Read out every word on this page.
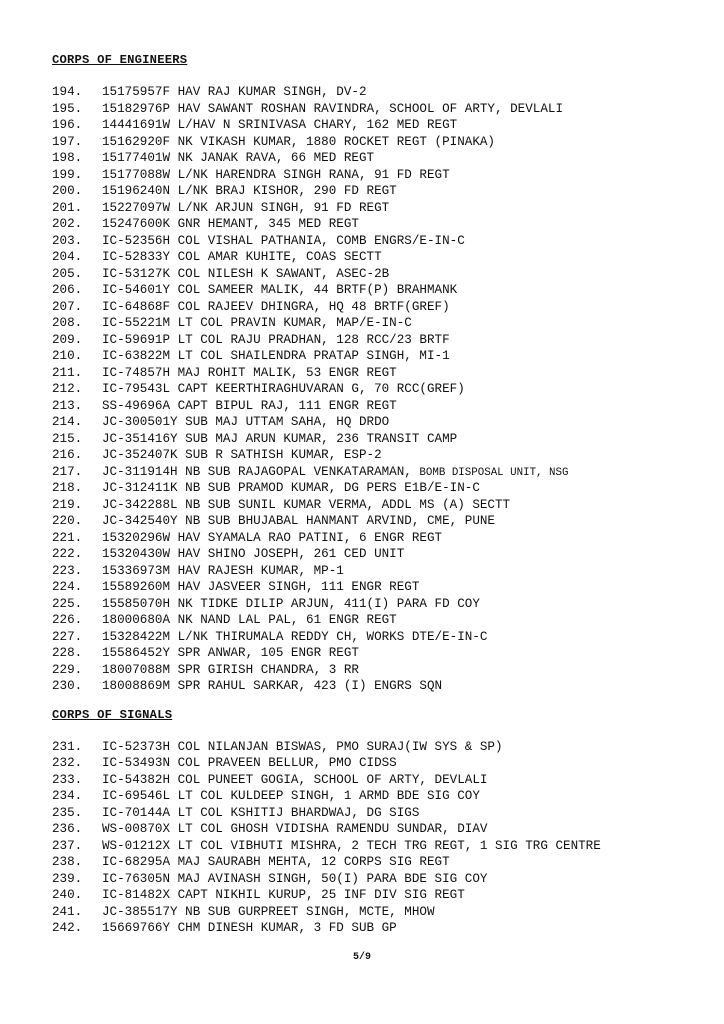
CORPS OF ENGINEERS
194. 15175957F HAV RAJ KUMAR SINGH, DV-2
195. 15182976P HAV SAWANT ROSHAN RAVINDRA, SCHOOL OF ARTY, DEVLALI
196. 14441691W L/HAV N SRINIVASA CHARY, 162 MED REGT
197. 15162920F NK VIKASH KUMAR, 1880 ROCKET REGT (PINAKA)
198. 15177401W NK JANAK RAVA, 66 MED REGT
199. 15177088W L/NK HARENDRA SINGH RANA, 91 FD REGT
200. 15196240N L/NK BRAJ KISHOR, 290 FD REGT
201. 15227097W L/NK ARJUN SINGH, 91 FD REGT
202. 15247600K GNR HEMANT, 345 MED REGT
203. IC-52356H COL VISHAL PATHANIA, COMB ENGRS/E-IN-C
204. IC-52833Y COL AMAR KUHITE, COAS SECTT
205. IC-53127K COL NILESH K SAWANT, ASEC-2B
206. IC-54601Y COL SAMEER MALIK, 44 BRTF(P) BRAHMANK
207. IC-64868F COL RAJEEV DHINGRA, HQ 48 BRTF(GREF)
208. IC-55221M LT COL PRAVIN KUMAR, MAP/E-IN-C
209. IC-59691P LT COL RAJU PRADHAN, 128 RCC/23 BRTF
210. IC-63822M LT COL SHAILENDRA PRATAP SINGH, MI-1
211. IC-74857H MAJ ROHIT MALIK, 53 ENGR REGT
212. IC-79543L CAPT KEERTHIRAGHUVARAN G, 70 RCC(GREF)
213. SS-49696A CAPT BIPUL RAJ, 111 ENGR REGT
214. JC-300501Y SUB MAJ UTTAM SAHA, HQ DRDO
215. JC-351416Y SUB MAJ ARUN KUMAR, 236 TRANSIT CAMP
216. JC-352407K SUB R SATHISH KUMAR, ESP-2
217. JC-311914H NB SUB RAJAGOPAL VENKATARAMAN, BOMB DISPOSAL UNIT, NSG
218. JC-312411K NB SUB PRAMOD KUMAR, DG PERS E1B/E-IN-C
219. JC-342288L NB SUB SUNIL KUMAR VERMA, ADDL MS (A) SECTT
220. JC-342540Y NB SUB BHUJABAL HANMANT ARVIND, CME, PUNE
221. 15320296W HAV SYAMALA RAO PATINI, 6 ENGR REGT
222. 15320430W HAV SHINO JOSEPH, 261 CED UNIT
223. 15336973M HAV RAJESH KUMAR, MP-1
224. 15589260M HAV JASVEER SINGH, 111 ENGR REGT
225. 15585070H NK TIDKE DILIP ARJUN, 411(I) PARA FD COY
226. 18000680A NK NAND LAL PAL, 61 ENGR REGT
227. 15328422M L/NK THIRUMALA REDDY CH, WORKS DTE/E-IN-C
228. 15586452Y SPR ANWAR, 105 ENGR REGT
229. 18007088M SPR GIRISH CHANDRA, 3 RR
230. 18008869M SPR RAHUL SARKAR, 423 (I) ENGRS SQN
CORPS OF SIGNALS
231. IC-52373H COL NILANJAN BISWAS, PMO SURAJ(IW SYS & SP)
232. IC-53493N COL PRAVEEN BELLUR, PMO CIDSS
233. IC-54382H COL PUNEET GOGIA, SCHOOL OF ARTY, DEVLALI
234. IC-69546L LT COL KULDEEP SINGH, 1 ARMD BDE SIG COY
235. IC-70144A LT COL KSHITIJ BHARDWAJ, DG SIGS
236. WS-00870X LT COL GHOSH VIDISHA RAMENDU SUNDAR, DIAV
237. WS-01212X LT COL VIBHUTI MISHRA, 2 TECH TRG REGT, 1 SIG TRG CENTRE
238. IC-68295A MAJ SAURABH MEHTA, 12 CORPS SIG REGT
239. IC-76305N MAJ AVINASH SINGH, 50(I) PARA BDE SIG COY
240. IC-81482X CAPT NIKHIL KURUP, 25 INF DIV SIG REGT
241. JC-385517Y NB SUB GURPREET SINGH, MCTE, MHOW
242. 15669766Y CHM DINESH KUMAR, 3 FD SUB GP
5/9
